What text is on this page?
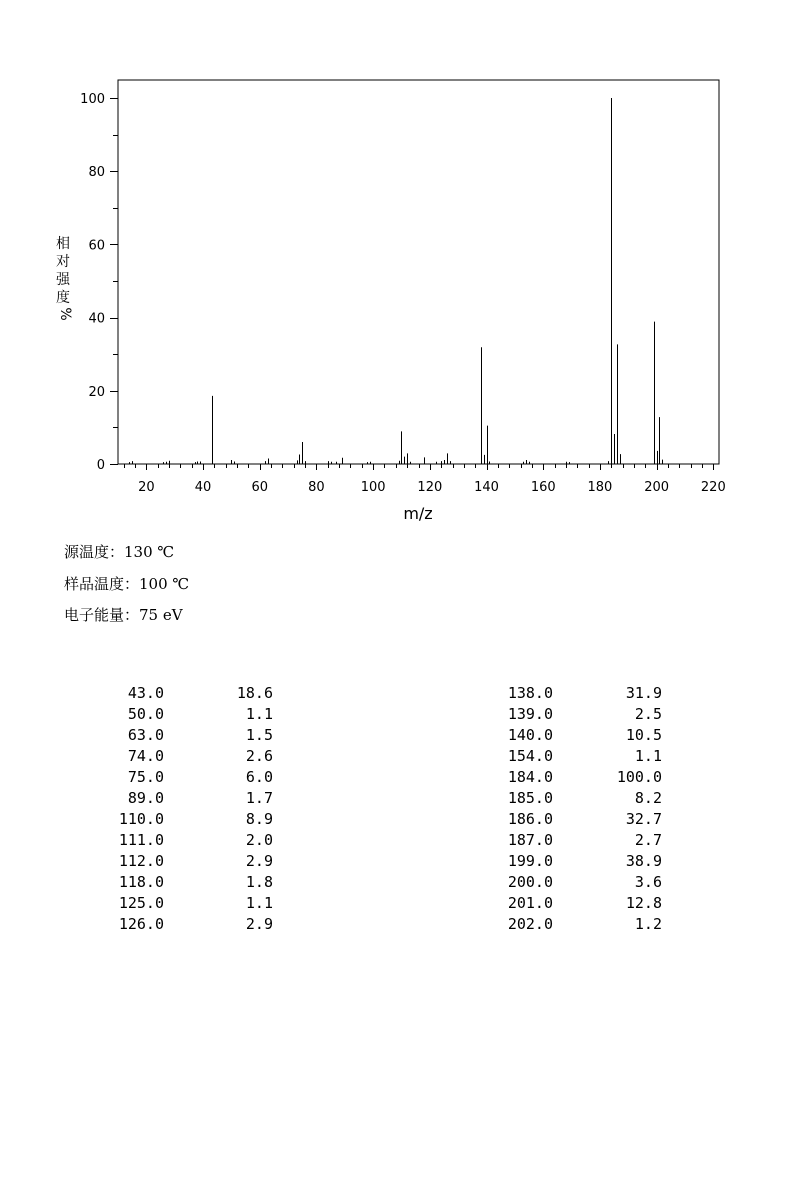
20	40	60	80	100 120 140 160 180 200 220
0
20
40
60
80
100
m/z
相
对
强
度
%
源温度：130 ℃
样品温度：100 ℃
电子能量：75 eV
43.0	18.6
50.0	1.1
63.0	1.5
74.0	2.6
75.0	6.0
89.0	1.7
110.0	8.9
111.0	2.0
112.0	2.9
118.0	1.8
125.0	1.1
126.0	2.9
138.0	31.9
139.0	2.5
140.0	10.5
154.0	1.1
184.0	100.0
185.0	8.2
186.0	32.7
187.0	2.7
199.0	38.9
200.0	3.6
201.0	12.8
202.0	1.2
